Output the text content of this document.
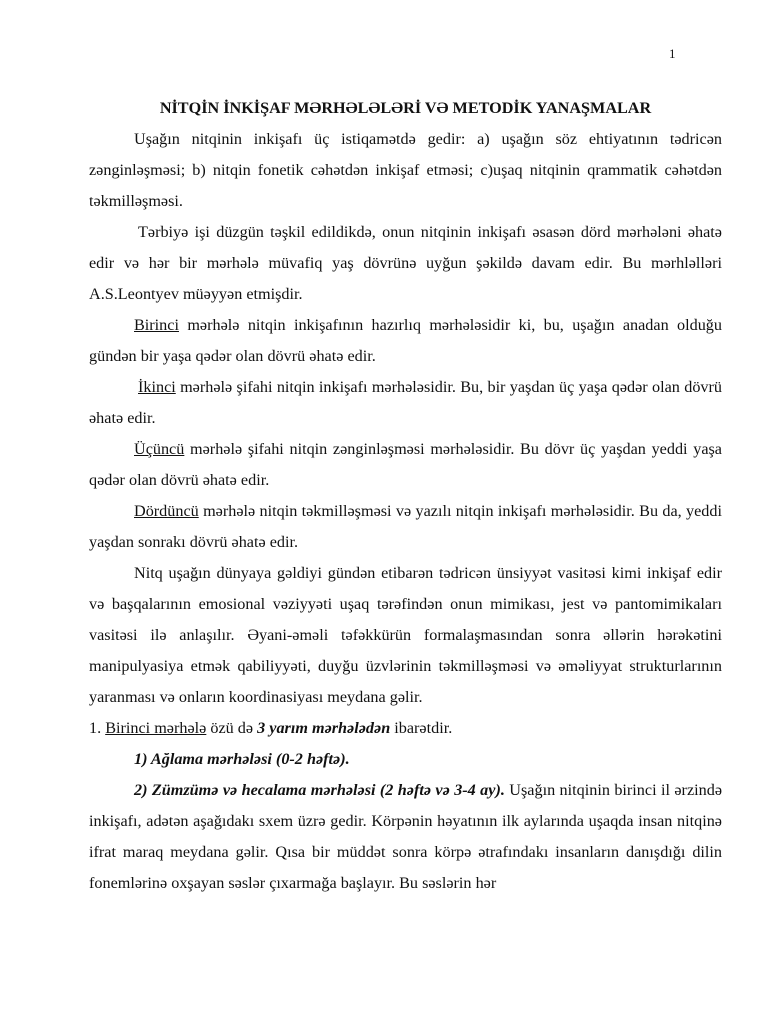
1

NİTQİN İNKİŞAF MƏRHƏLƏLƏRİ VƏ METODİK YANAŞMALAR

Uşağın nitqinin inkişafı üç istiqamətdə gedir: a) uşağın söz ehtiyatının tədricən zənginləşməsi; b) nitqin fonetik cəhətdən inkişaf etməsi; c)uşaq nitqinin qrammatik cəhətdən təkmilləşməsi.

Tərbiyə işi düzgün təşkil edildikdə, onun nitqinin inkişafı əsasən dörd mərhələni əhatə edir və hər bir mərhələ müvafiq yaş dövrünə uyğun şəkildə davam edir. Bu mərhləlləri A.S.Leontyev müəyyən etmişdir.

Birinci mərhələ nitqin inkişafının hazırlıq mərhələsidir ki, bu, uşağın anadan olduğu gündən bir yaşa qədər olan dövrü əhatə edir.

İkinci mərhələ şifahi nitqin inkişafı mərhələsidir. Bu, bir yaşdan üç yaşa qədər olan dövrü əhatə edir.

Üçüncü mərhələ şifahi nitqin zənginləşməsi mərhələsidir. Bu dövr üç yaşdan yeddi yaşa qədər olan dövrü əhatə edir.

Dördüncü mərhələ nitqin təkmilləşməsi və yazılı nitqin inkişafı mərhələsidir. Bu da, yeddi yaşdan sonrakı dövrü əhatə edir.

Nitq uşağın dünyaya gəldiyi gündən etibarən tədricən ünsiyyət vasitəsi kimi inkişaf edir və başqalarının emosional vəziyyəti uşaq tərəfindən onun mimikası, jest və pantomimikaları vasitəsi ilə anlaşılır. Əyani-əməli təfəkkürün formalaşmasından sonra əllərin hərəkətini manipulyasiya etmək qabiliyyəti, duyğu üzvlərinin təkmilləşməsi və əməliyyat strukturlarının yaranması və onların koordinasiyası meydana gəlir.

1. Birinci mərhələ özü də 3 yarım mərhələdən ibarətdir.

1) Ağlama mərhələsi (0-2 həftə).

2) Zümzümə və hecalama mərhələsi (2 həftə və 3-4 ay). Uşağın nitqinin birinci il ərzində inkişafı, adətən aşağıdakı sxem üzrə gedir. Körpənin həyatının ilk aylarında uşaqda insan nitqinə ifrat maraq meydana gəlir. Qısa bir müddət sonra körpə ətrafındakı insanların danışdığı dilin fonemlərinə oxşayan səslər çıxarmağa başlayır. Bu səslərin hər
